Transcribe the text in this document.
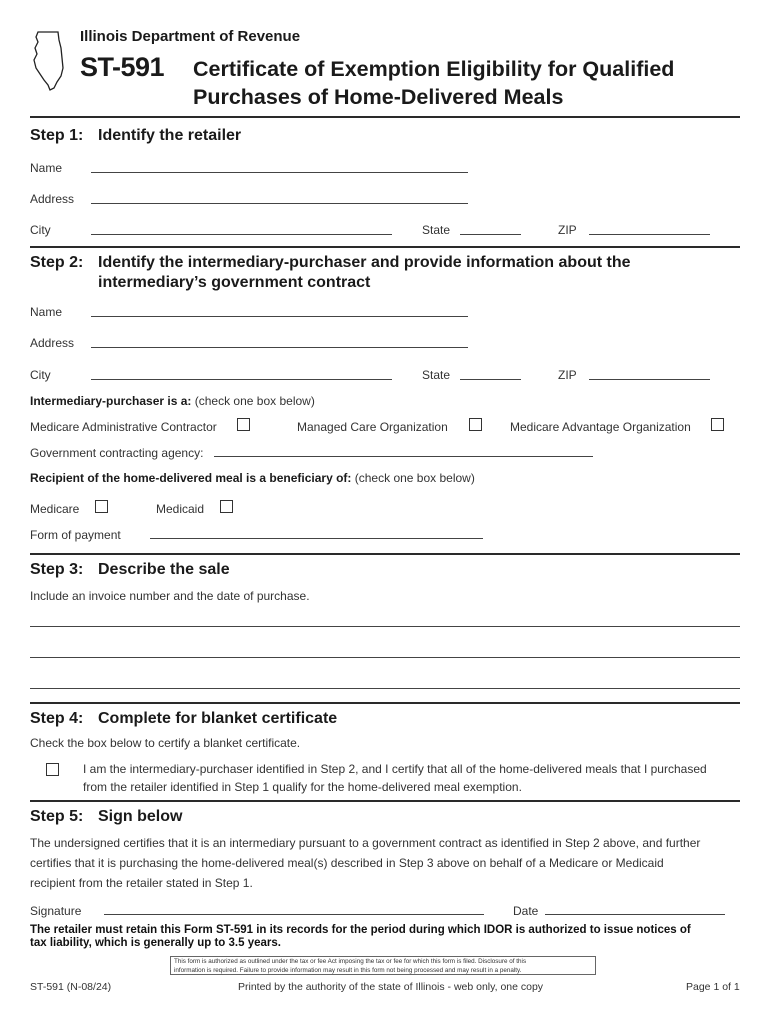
Illinois Department of Revenue
ST-591 Certificate of Exemption Eligibility for Qualified
Purchases of Home-Delivered Meals
Step 1: Identify the retailer
Name
Address
City	State	ZIP
Step 2: Identify the intermediary-purchaser and provide information about the
intermediary’s government contract
Name
Address
City	State	ZIP
Intermediary-purchaser is a: (check one box below)
Medicare Administrative Contractor	Managed Care Organization	Medicare Advantage Organization
Government contracting agency:
Recipient of the home-delivered meal is a beneficiary of: (check one box below)
Medicare	Medicaid
Form of payment
Step 3: Describe the sale
Include an invoice number and the date of purchase.
Step 4: Complete for blanket certificate
Check the box below to certify a blanket certificate.
I am the intermediary-purchaser identified in Step 2, and I certify that all of the home-delivered meals that I purchased
from the retailer identified in Step 1 qualify for the home-delivered meal exemption.
Step 5: Sign below
The undersigned certifies that it is an intermediary pursuant to a government contract as identified in Step 2 above, and further
certifies that it is purchasing the home-delivered meal(s) described in Step 3 above on behalf of a Medicare or Medicaid
recipient from the retailer stated in Step 1.
Signature	Date
The retailer must retain this Form ST-591 in its records for the period during which IDOR is authorized to issue notices of
tax liability, which is generally up to 3.5 years.
This form is authorized as outlined under the tax or fee Act imposing the tax or fee for which this form is filed. Disclosure of this
information is required. Failure to provide information may result in this form not being processed and may result in a penalty.
ST-591 (N-08/24)	Printed by the authority of the state of Illinois - web only, one copy	Page 1 of 1
